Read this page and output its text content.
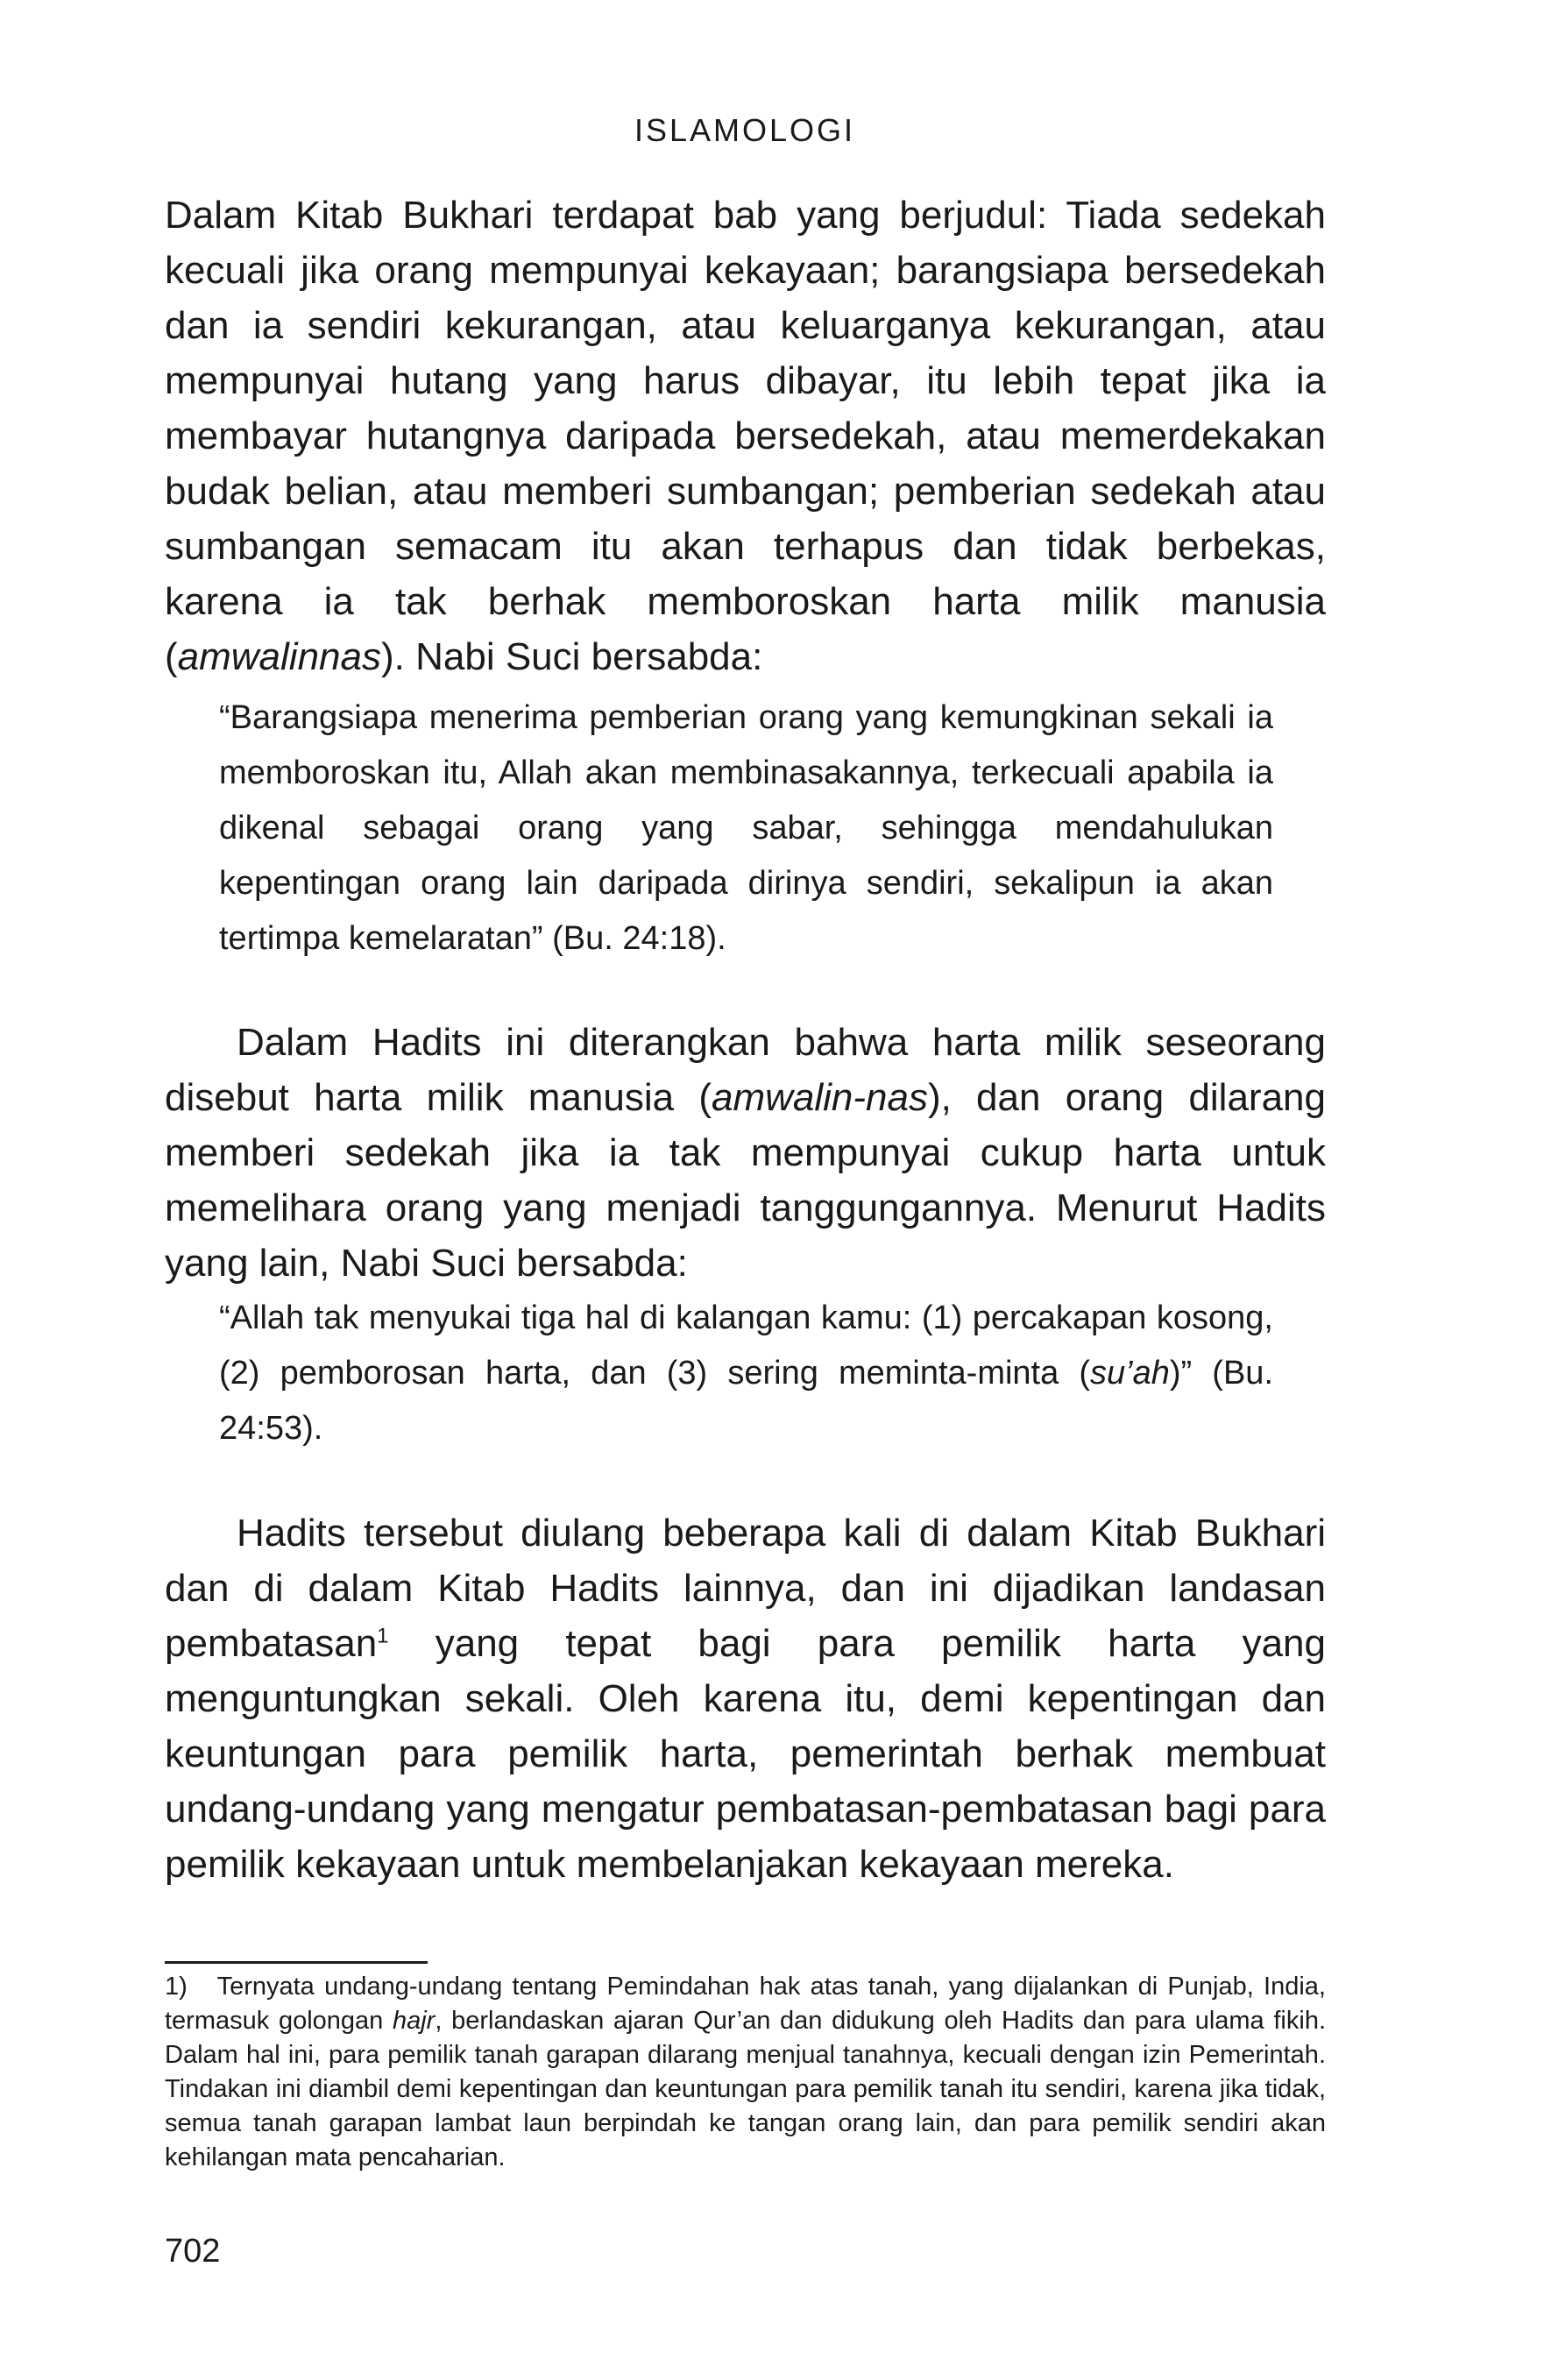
ISLAMOLOGI

Dalam Kitab Bukhari terdapat bab yang berjudul: Tiada sedekah kecuali jika orang mempunyai kekayaan; barangsiapa bersedekah dan ia sendiri kekurangan, atau keluarganya kekurangan, atau mempunyai hutang yang harus dibayar, itu lebih tepat jika ia membayar hutangnya daripada bersedekah, atau memerdekakan budak belian, atau memberi sumbangan; pemberian sedekah atau sumbangan semacam itu akan terhapus dan tidak berbekas, karena ia tak berhak memboroskan harta milik manusia (amwalinnas). Nabi Suci bersabda:

“Barangsiapa menerima pemberian orang yang kemungkinan sekali ia memboroskan itu, Allah akan membinasakannya, terkecuali apabila ia dikenal sebagai orang yang sabar, sehingga mendahulukan kepentingan orang lain daripada dirinya sendiri, sekalipun ia akan tertimpa kemelaratan” (Bu. 24:18).

Dalam Hadits ini diterangkan bahwa harta milik seseorang disebut harta milik manusia (amwalin-nas), dan orang dilarang memberi sedekah jika ia tak mempunyai cukup harta untuk memelihara orang yang menjadi tanggungannya. Menurut Hadits yang lain, Nabi Suci bersabda:

“Allah tak menyukai tiga hal di kalangan kamu: (1) percakapan kosong, (2) pemborosan harta, dan (3) sering meminta-minta (su’ah)” (Bu. 24:53).

Hadits tersebut diulang beberapa kali di dalam Kitab Bukhari dan di dalam Kitab Hadits lainnya, dan ini dijadikan landasan pembatasan$^1$ yang tepat bagi para pemilik harta yang menguntungkan sekali. Oleh karena itu, demi kepentingan dan keuntungan para pemilik harta, pemerintah berhak membuat undang-undang yang mengatur pembatasan-pembatasan bagi para pemilik kekayaan untuk membelanjakan kekayaan mereka.

1) Ternyata undang-undang tentang Pemindahan hak atas tanah, yang dijalankan di Punjab, India, termasuk golongan hajr, berlandaskan ajaran Qur’an dan didukung oleh Hadits dan para ulama fikih. Dalam hal ini, para pemilik tanah garapan dilarang menjual tanahnya, kecuali dengan izin Pemerintah. Tindakan ini diambil demi kepentingan dan keuntungan para pemilik tanah itu sendiri, karena jika tidak, semua tanah garapan lambat laun berpindah ke tangan orang lain, dan para pemilik sendiri akan kehilangan mata pencaharian.

702
